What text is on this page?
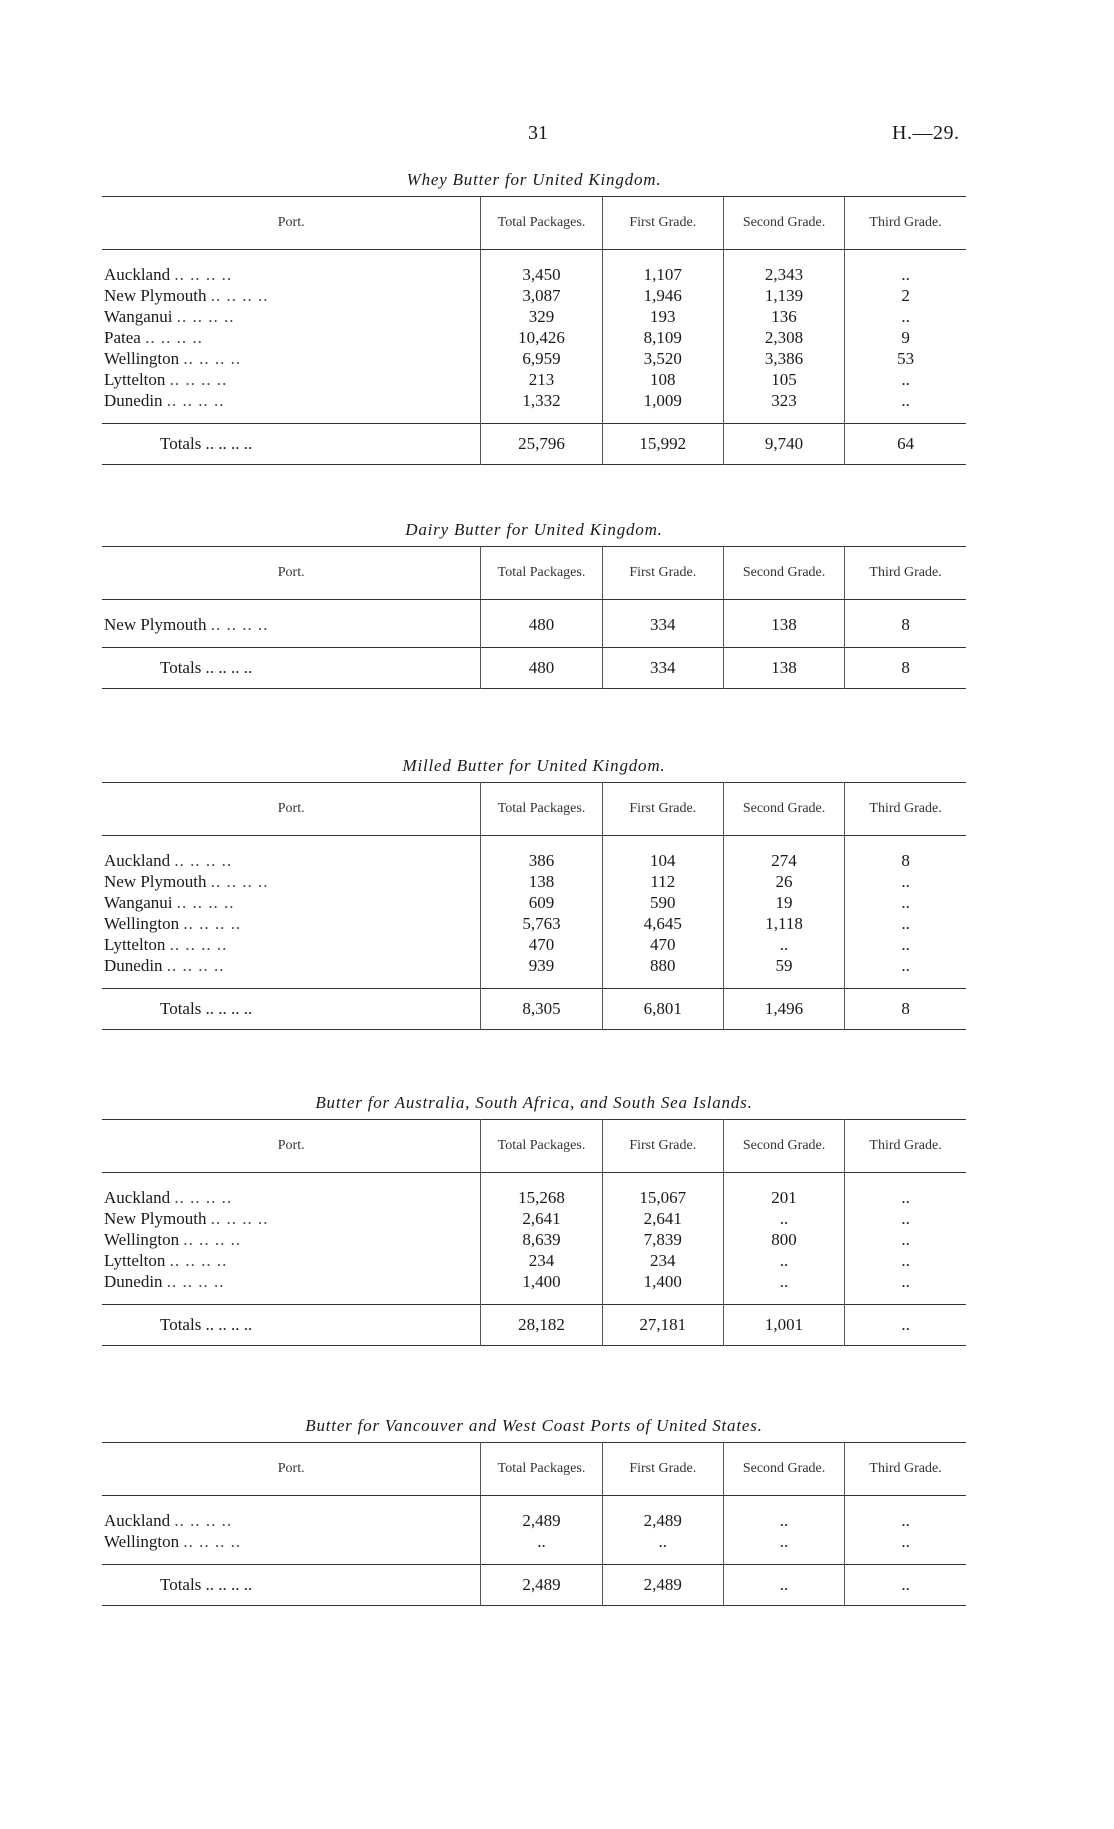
31	H.—29.
Whey Butter for United Kingdom.
Port.	Total Packages.	First Grade.	Second Grade.	Third Grade.

Auckland .. .. .. ..	3,450	1,107	2,343	..
New Plymouth .. .. .. ..	3,087	1,946	1,139	2
Wanganui .. .. .. ..	329	193	136	..
Patea .. .. .. ..	10,426	8,109	2,308	9
Wellington .. .. .. ..	6,959	3,520	3,386	53
Lyttelton .. .. .. ..	213	108	105	..
Dunedin .. .. .. ..	1,332	1,009	323	..

Totals .. .. .. ..	25,796	15,992	9,740	64
Dairy Butter for United Kingdom.
Port.	Total Packages.	First Grade.	Second Grade.	Third Grade.

New Plymouth .. .. .. ..	480	334	138	8

Totals .. .. .. ..	480	334	138	8
Milled Butter for United Kingdom.
Port.	Total Packages.	First Grade.	Second Grade.	Third Grade.

Auckland .. .. .. ..	386	104	274	8
New Plymouth .. .. .. ..	138	112	26	..
Wanganui .. .. .. ..	609	590	19	..
Wellington .. .. .. ..	5,763	4,645	1,118	..
Lyttelton .. .. .. ..	470	470	..	..
Dunedin .. .. .. ..	939	880	59	..

Totals .. .. .. ..	8,305	6,801	1,496	8
Butter for Australia, South Africa, and South Sea Islands.
Port.	Total Packages.	First Grade.	Second Grade.	Third Grade.

Auckland .. .. .. ..	15,268	15,067	201	..
New Plymouth .. .. .. ..	2,641	2,641	..	..
Wellington .. .. .. ..	8,639	7,839	800	..
Lyttelton .. .. .. ..	234	234	..	..
Dunedin .. .. .. ..	1,400	1,400	..	..

Totals .. .. .. ..	28,182	27,181	1,001	..
Butter for Vancouver and West Coast Ports of United States.
Port.	Total Packages.	First Grade.	Second Grade.	Third Grade.

Auckland .. .. .. ..	2,489	2,489	..	..
Wellington .. .. .. ..	..	..	..	..

Totals .. .. .. ..	2,489	2,489	..	..
